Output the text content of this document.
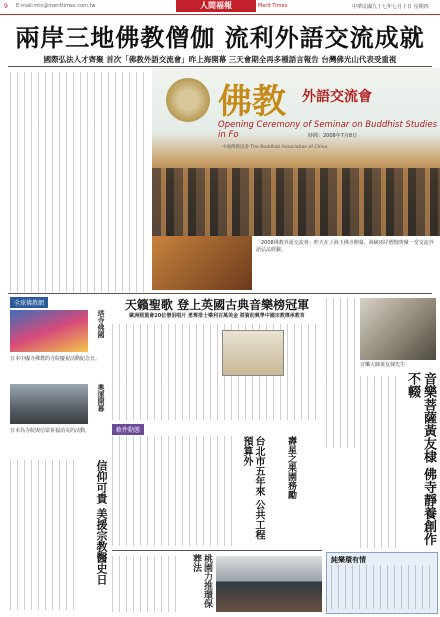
9 E-mail:mtn@merittimes.com.tw	人間福報	Merit Times	中華民國九十七年七月十日 星期四
兩岸三地佛教僧伽 流利外語交流成就
國際弘法人才齊聚 首次「佛教外語交流會」昨上海開幕 三天會期全再多種語言報告 台灣佛光山代表受重視
佛教 外語交流會
Opening Ceremony of Seminar on Buddhist Studies in Fo	時間：2008年7月8日
中國佛教協會 The Buddhist Association of China
「2008佛教外語交流會」昨天在上海玉佛寺開幕，海峽兩岸僧伽齊聚一堂交流外語弘法經驗。
全球佛教網
塔寺佛國
日本中國寺佛教的寺院慶祝活動紀念日。
奧運開幕
日本為寺院與信眾祈福消災的活動。
信仰可貴 美援宗教醫史日
天籟聖歌 登上英國古典音樂榜冠軍
歐洲熙篤會20位僧侶唱片 勇奪排士樂利百萬美金 將資助興學中國宗教傳承教育
軟件動態
台北市五年來 公共工程預算外	壽星之果園務勵
桃園力推環保葬法
音樂大師黃友棣先生
音樂菩薩黃友棣 佛寺靜養創作不輟
純樂環有情
